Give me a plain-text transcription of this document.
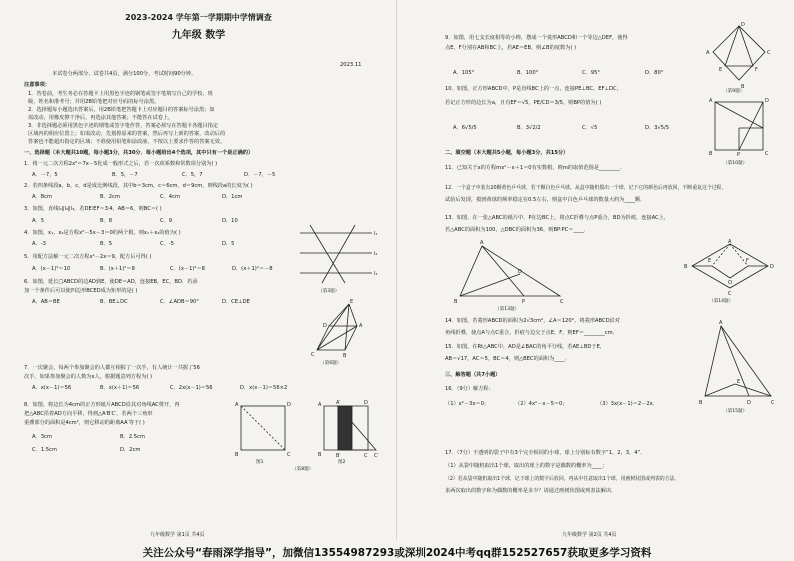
2023-2024 学年第一学期期中学情调查
九年级 数学
2023.11
本试卷分两部分，试卷共4页，满分100分，考试时间90分钟。
注意事项：
1．答卷前，考生务必在答题卡上用黑色字迹的钢笔或签字笔填写自己的学校、班
级、姓名和准考号；并用2B铅笔把对应号码的标号涂黑。
2．选择题每小题选出答案后，用2B铅笔把答题卡上对应题目的答案标号涂黑；如
需改动，用橡皮擦干净后，再选涂其他答案；不能答在试卷上。
3．非选择题必须用黑色字迹的钢笔或签字笔作答，答案必须写在答题卡各题目指定
区域内的相应位置上；如需改动，先划掉原来的答案，然后再写上新的答案，改动后的
答案也不能超出指定的区域；不准使用铅笔和涂改液。不按以上要求作答的答案无效。
一、选择题（本大题共10题，每小题3分，共30分．每小题给出4个选项，其中只有一个是正确的）
1．将一元二次方程2x²＝7x－5化成一般形式之后，若一次项系数和常数项分别为( )
A．－7，5	B．5，－7	C．5，7	D．－7，－5
2．若四条线段a，b，c，d是成比例线段，其中b＝3cm，c＝6cm，d＝9cm，则线段a的长度为( )
A．8cm	B．2cm	C．4cm	D．1cm
3．如图，直线l₁∥l₂∥l₃，若DE∶EF＝3∶4，AB＝6，则BC＝( )
A．5	B．8	C．9	D．10
l₁
l₂
l₃
（第3题）
4．如图，x₁，x₂是方程x²－5x－3＝0的两个根，则x₁＋x₂的值为( )
A．-3	B．5	C．-5	D．5
5．用配方法解一元二次方程x²－2x＝9，配方后可得( )
A．(x－1)²＝10	B．(x＋1)²＝8	C．(x－1)²＝8	D．(x＋1)²＝－8
6．如图，延长□ABCD的边AD到E，使DE＝AD，连接EB，EC，BD．若添
加一个条件后可以使四边形BCED成为矩形的是( )
A．AB＝BE	B．BE⊥DC	C．∠ADB＝90°	D．CE⊥DE	E
D	A
C	B
（第6题）
7．一次聚会，每两个参加聚会的人都互相握了一次手，有人统计一共握了56
次手，如果参加聚会的人数为x人，根据题意列方程为( )
A．x(x－1)＝56	B．x(x＋1)＝56	C．2x(x－1)＝56	D．x(x－1)＝56×2
8．如图，将边长为4cm的正方形纸片ABCD沿其对角线AC剪开，再
把△ABC沿着AD方向平移，得到△A′B′C′，若两个三角形
重叠部分的面积是4cm²，则它移动的距离AA′等于( )
A．3cm	B．2.5cm
C．1.5cm	D．2cm
A	D
B	C
图1
A	A′	D
B	B′	C C′
图2
（第8题）
九年级数学 第1页 共4页
9．如图，用七支长度相等的小棒，摆成一个菱形ABCD和一个等边△DEF，使得
点E，F分别在AB和BC上，若AE＝EB，则∠B的度数为( )
A．105°	B．100°	C．95°	D．80°
D
A	C
E	F
B
（第9题）
10．如图，正方形ABCD中，P是直线BC上的一点，连接PE⊥BC，EF⊥DC，
若记正方形的边长为a，且有EF＝√5，PE/CD＝3/5，则BP的值为( )
A．6√5/5	B．3√2/2	C．√5	D．3√5/5
A	D
B	P	C
（第10题）
二、填空题（本大题共5小题，每小题3分，共15分）
11．已知关于x的方程mx²－x＋1＝0有实数根，则m的取值范围是________．
12．一个盒子中装有20颗黄色乒乓球，若干颗白色乒乓球，从盒中随机摸出一个球，记下它的颜色后再放回，不断重复这个过程，
试验后发现，摸到黄球的频率稳定在0.5左右，则盒中白色乒乓球的数量大约为____颗．
13．如图，在一张△ABC的纸片中，P在边BC上，将点C折叠与点P重合，BD为折痕，连接AC上，
若△ABC的面积为100，△DBC的面积为36，则BP∶PC＝____．
A
D
B	P	C
（第13题）
A
B	D
E	F
O
C
（第14题）
14．如图，若菱形ABCD的面积为2√3cm²，∠A＝120°，将菱形ABCD沿对
角线折叠，使点A与点C重合，折痕与边交于点E，F，则EF＝________cm．
15．如图，在Rt△ABC中，AD是∠BAC的角平分线，若AE⊥BD于E，
AB＝√17，AC＝5，BC＝4，则△BEC的面积为____．
A
E
B	D	C
（第15题）
三、解答题（共7小题）
16．（9分）解方程：
（1）x²－3x＝0；	（2）4x²－x－5＝0；	（3）3x(x－1)＝2－2x．
17．（7分）不透明的袋子中有3个完全相同的小球，球上分别标有数字“1，2，3，4”．
（1）从袋中随机取出1个球，取出的球上的数字是偶数的概率为____；
（2）若从袋中随机取出1个球，记下球上的数字后放回，再从中任意取出1个球，用画树状图或列表的方法，
求两次取出的数字和为偶数的概率是多少？请通过画树状图或列表法解决．
九年级数学 第2页 共4页
关注公众号“春雨深学指导”，加微信13554987293或深圳2024中考qq群152527657获取更多学习资料
